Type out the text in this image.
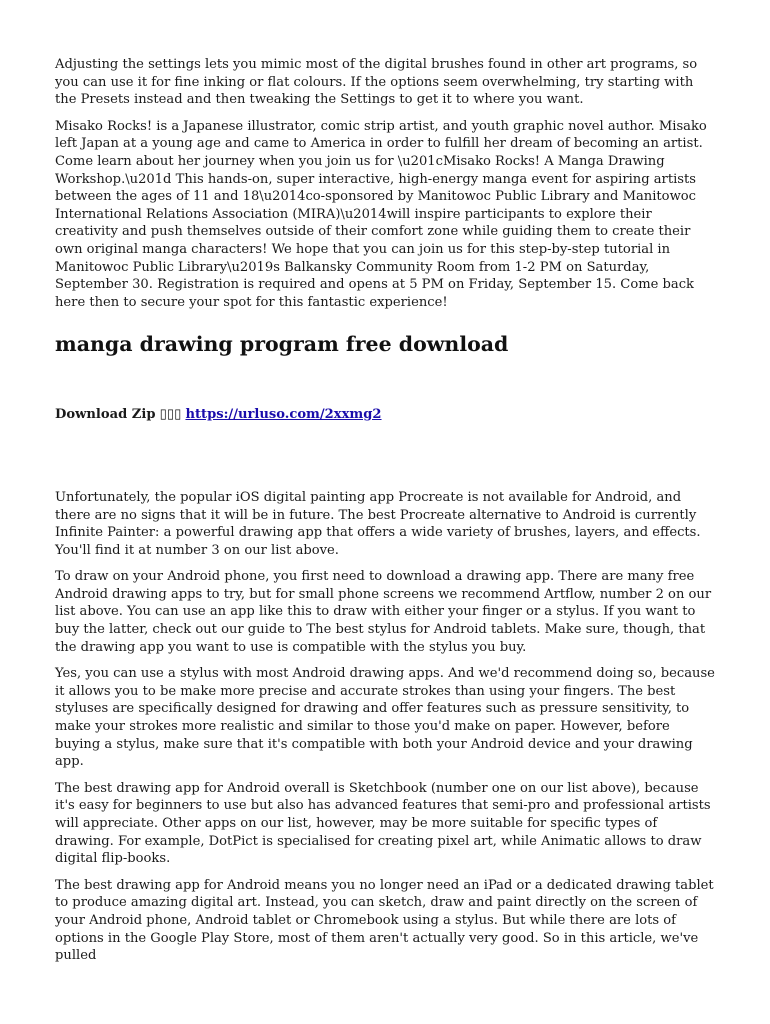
Adjusting the settings lets you mimic most of the digital brushes found in other art programs, so you can use it for fine inking or flat colours. If the options seem overwhelming, try starting with the Presets instead and then tweaking the Settings to get it to where you want.

Misako Rocks! is a Japanese illustrator, comic strip artist, and youth graphic novel author. Misako left Japan at a young age and came to America in order to fulfill her dream of becoming an artist. Come learn about her journey when you join us for \u201cMisako Rocks! A Manga Drawing Workshop.\u201d This hands-on, super interactive, high-energy manga event for aspiring artists between the ages of 11 and 18\u2014co-sponsored by Manitowoc Public Library and Manitowoc International Relations Association (MIRA)\u2014will inspire participants to explore their creativity and push themselves outside of their comfort zone while guiding them to create their own original manga characters! We hope that you can join us for this step-by-step tutorial in Manitowoc Public Library\u2019s Balkansky Community Room from 1-2 PM on Saturday, September 30. Registration is required and opens at 5 PM on Friday, September 15. Come back here then to secure your spot for this fantastic experience!

manga drawing program free download
Download Zip ▯▯▯ https://urluso.com/2xxmg2

Unfortunately, the popular iOS digital painting app Procreate is not available for Android, and there are no signs that it will be in future. The best Procreate alternative to Android is currently Infinite Painter: a powerful drawing app that offers a wide variety of brushes, layers, and effects. You'll find it at number 3 on our list above.

To draw on your Android phone, you first need to download a drawing app. There are many free Android drawing apps to try, but for small phone screens we recommend Artflow, number 2 on our list above. You can use an app like this to draw with either your finger or a stylus. If you want to buy the latter, check out our guide to The best stylus for Android tablets. Make sure, though, that the drawing app you want to use is compatible with the stylus you buy.

Yes, you can use a stylus with most Android drawing apps. And we'd recommend doing so, because it allows you to be make more precise and accurate strokes than using your fingers. The best styluses are specifically designed for drawing and offer features such as pressure sensitivity, to make your strokes more realistic and similar to those you'd make on paper. However, before buying a stylus, make sure that it's compatible with both your Android device and your drawing app.

The best drawing app for Android overall is Sketchbook (number one on our list above), because it's easy for beginners to use but also has advanced features that semi-pro and professional artists will appreciate. Other apps on our list, however, may be more suitable for specific types of drawing. For example, DotPict is specialised for creating pixel art, while Animatic allows to draw digital flip-books.

The best drawing app for Android means you no longer need an iPad or a dedicated drawing tablet to produce amazing digital art. Instead, you can sketch, draw and paint directly on the screen of your Android phone, Android tablet or Chromebook using a stylus. But while there are lots of options in the Google Play Store, most of them aren't actually very good. So in this article, we've pulled
